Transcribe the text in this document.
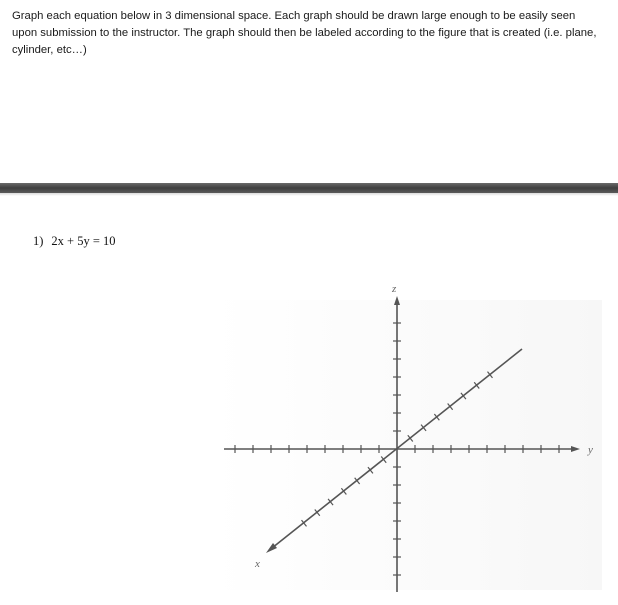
Graph each equation below in 3 dimensional space. Each graph should be drawn large enough to be easily seen upon submission to the instructor. The graph should then be labeled according to the figure that is created (i.e. plane, cylinder, etc…)
1) 2x + 5y = 10
z
y
x
